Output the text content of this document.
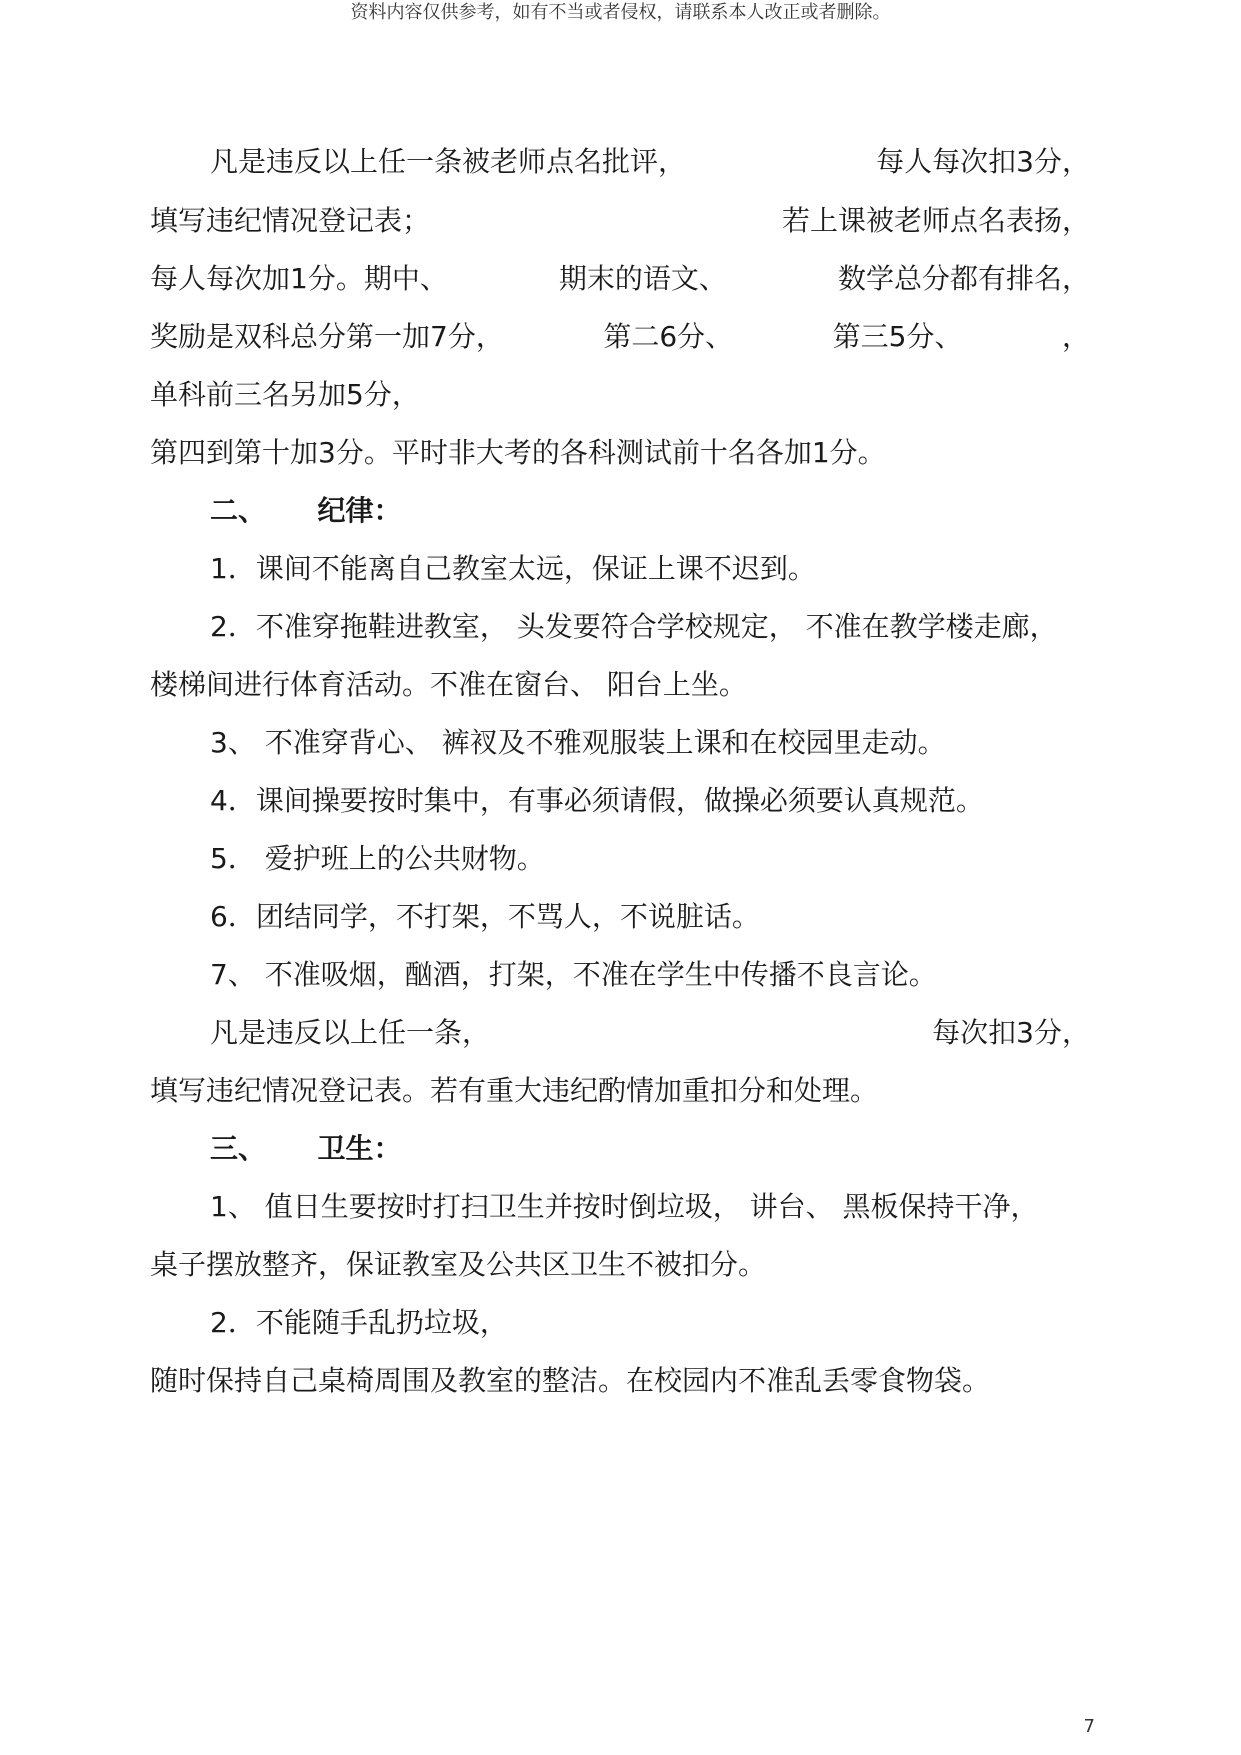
资料内容仅供参考，如有不当或者侵权，请联系本人改正或者删除。
凡是违反以上任一条被老师点名批评，	每人每次扣3分，
填写违纪情况登记表；	若上课被老师点名表扬，
每人每次加1分。期中、	期末的语文、	数学总分都有排名，
奖励是双科总分第一加7分，	第二6分、	第三5分、	，
单科前三名另加5分，
第四到第十加3分。平时非大考的各科测试前十名各加1分。
二、 纪律：
1．课间不能离自己教室太远，保证上课不迟到。
2．不准穿拖鞋进教室， 头发要符合学校规定， 不准在教学楼走廊，
楼梯间进行体育活动。不准在窗台、 阳台上坐。
3、 不准穿背心、 裤衩及不雅观服装上课和在校园里走动。
4．课间操要按时集中，有事必须请假，做操必须要认真规范。
5． 爱护班上的公共财物。
6．团结同学，不打架，不骂人，不说脏话。
7、 不准吸烟，酗酒，打架，不准在学生中传播不良言论。
凡是违反以上任一条，	每次扣3分，
填写违纪情况登记表。若有重大违纪酌情加重扣分和处理。
三、 卫生：
1、 值日生要按时打扫卫生并按时倒垃圾， 讲台、 黑板保持干净，
桌子摆放整齐，保证教室及公共区卫生不被扣分。
2．不能随手乱扔垃圾，
随时保持自己桌椅周围及教室的整洁。在校园内不准乱丢零食物袋。
7
